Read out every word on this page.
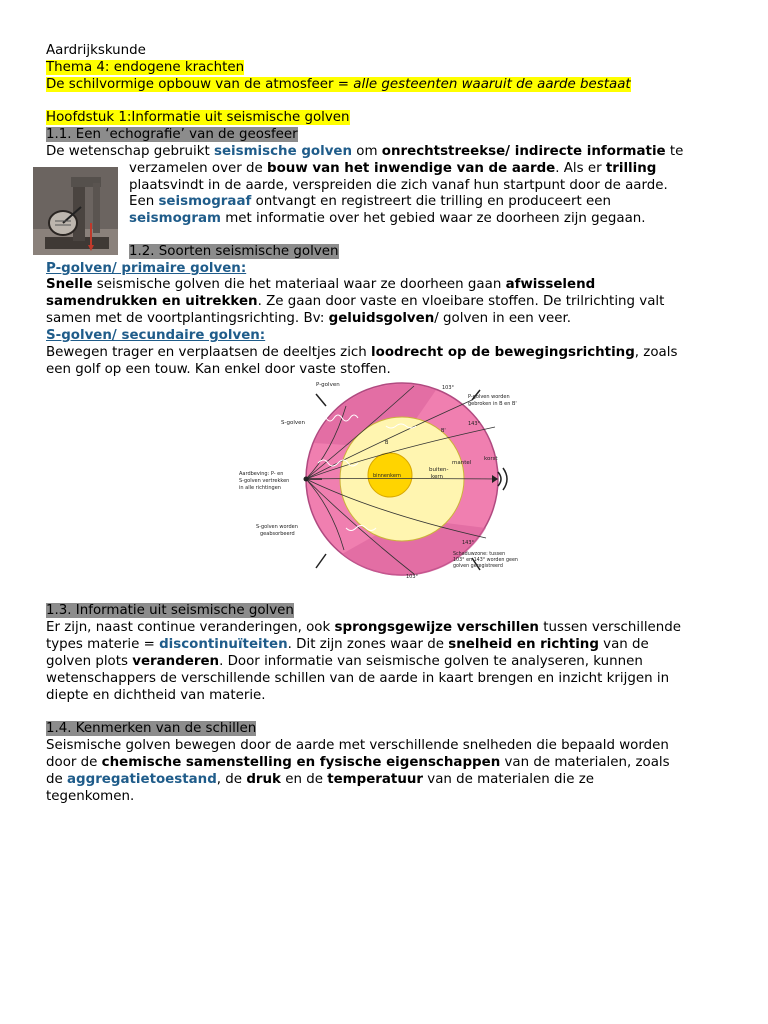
Aardrijkskunde
Thema 4: endogene krachten
De schilvormige opbouw van de atmosfeer = alle gesteenten waaruit de aarde bestaat
Hoofdstuk 1:Informatie uit seismische golven
1.1. Een ‘echografie’ van de geosfeer
De wetenschap gebruikt seismische golven om onrechtstreekse/ indirecte informatie te
verzamelen over de bouw van het inwendige van de aarde. Als er trilling
plaatsvindt in de aarde, verspreiden die zich vanaf hun startpunt door de aarde.
Een seismograaf ontvangt en registreert die trilling en produceert een
seismogram met informatie over het gebied waar ze doorheen zijn gegaan.
1.2. Soorten seismische golven
P-golven/ primaire golven:
Snelle seismische golven die het materiaal waar ze doorheen gaan afwisselend
samendrukken en uitrekken. Ze gaan door vaste en vloeibare stoffen. De trilrichting valt
samen met de voortplantingsrichting. Bv: geluidsgolven/ golven in een veer.
S-golven/ secundaire golven:
Bewegen trager en verplaatsen de deeltjes zich loodrecht op de bewegingsrichting, zoals
een golf op een touw. Kan enkel door vaste stoffen.
P-golven
S-golven
P-golven worden
gebroken in B en B'
103°
143°
103°
143°
B'
B
korst
mantel
buiten-
kern
binnenkern
Aardbeving: P- en
S-golven vertrekken
in alle richtingen
S-golven worden
geabsorbeerd
Schaduwzone: tussen
103° en 143° worden geen
golven geregistreerd
1.3. Informatie uit seismische golven
Er zijn, naast continue veranderingen, ook sprongsgewijze verschillen tussen verschillende
types materie = discontinuïteiten. Dit zijn zones waar de snelheid en richting van de
golven plots veranderen. Door informatie van seismische golven te analyseren, kunnen
wetenschappers de verschillende schillen van de aarde in kaart brengen en inzicht krijgen in
diepte en dichtheid van materie.
1.4. Kenmerken van de schillen
Seismische golven bewegen door de aarde met verschillende snelheden die bepaald worden
door de chemische samenstelling en fysische eigenschappen van de materialen, zoals
de aggregatietoestand, de druk en de temperatuur van de materialen die ze
tegenkomen.
